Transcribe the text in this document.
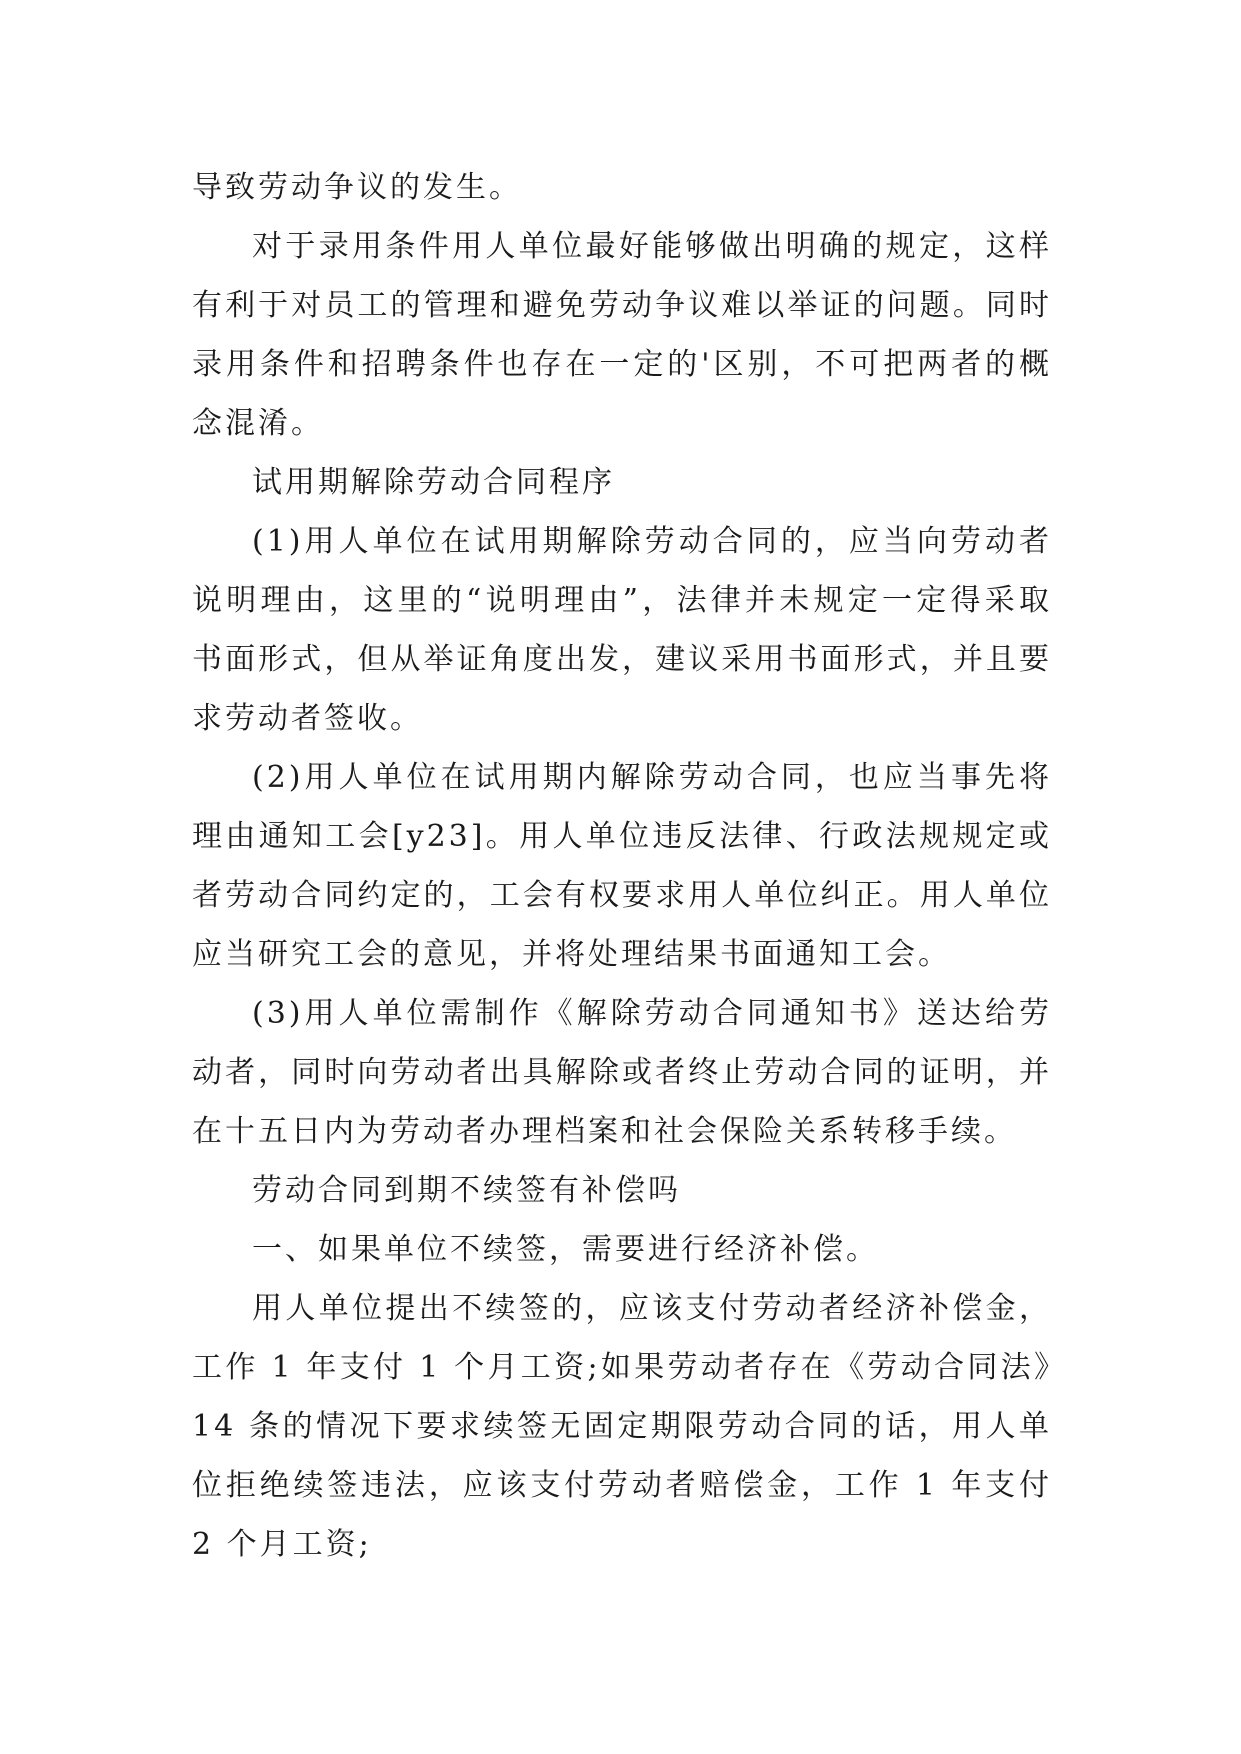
导致劳动争议的发生。

对于录用条件用人单位最好能够做出明确的规定，这样有利于对员工的管理和避免劳动争议难以举证的问题。同时录用条件和招聘条件也存在一定的'区别，不可把两者的概念混淆。

试用期解除劳动合同程序

(1)用人单位在试用期解除劳动合同的，应当向劳动者说明理由，这里的“说明理由”，法律并未规定一定得采取书面形式，但从举证角度出发，建议采用书面形式，并且要求劳动者签收。

(2)用人单位在试用期内解除劳动合同，也应当事先将理由通知工会[y23]。用人单位违反法律、行政法规规定或者劳动合同约定的，工会有权要求用人单位纠正。用人单位应当研究工会的意见，并将处理结果书面通知工会。

(3)用人单位需制作《解除劳动合同通知书》送达给劳动者，同时向劳动者出具解除或者终止劳动合同的证明，并在十五日内为劳动者办理档案和社会保险关系转移手续。

劳动合同到期不续签有补偿吗

一、如果单位不续签，需要进行经济补偿。

用人单位提出不续签的，应该支付劳动者经济补偿金，工作 1 年支付 1 个月工资;如果劳动者存在《劳动合同法》14 条的情况下要求续签无固定期限劳动合同的话，用人单位拒绝续签违法，应该支付劳动者赔偿金，工作 1 年支付 2 个月工资;
